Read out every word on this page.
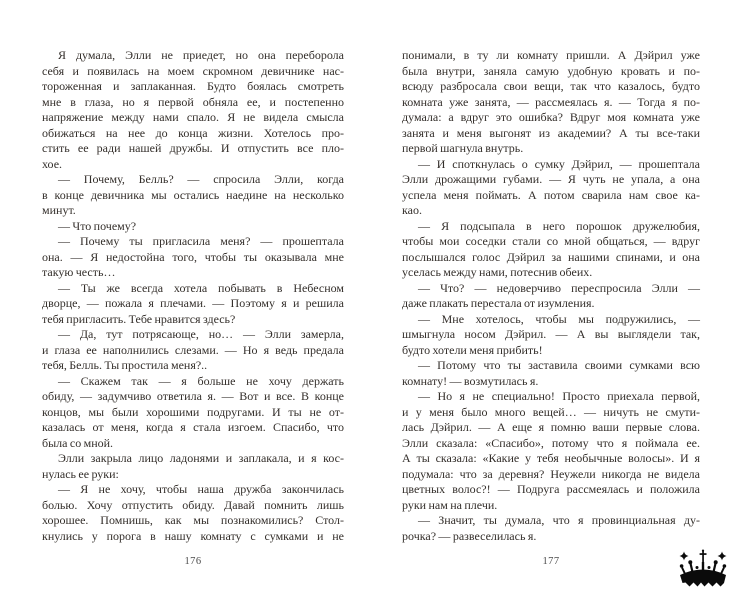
Я думала, Элли не приедет, но она переборола
себя и появилась на моем скромном девичнике нас-
тороженная и заплаканная. Будто боялась смотреть
мне в глаза, но я первой обняла ее, и постепенно
напряжение между нами спало. Я не видела смысла
обижаться на нее до конца жизни. Хотелось про-
стить ее ради нашей дружбы. И отпустить все пло-
хое.
— Почему, Белль? — спросила Элли, когда
в конце девичника мы остались наедине на несколько
минут.
— Что почему?
— Почему ты пригласила меня? — прошептала
она. — Я недостойна того, чтобы ты оказывала мне
такую честь…
— Ты же всегда хотела побывать в Небесном
дворце, — пожала я плечами. — Поэтому я и решила
тебя пригласить. Тебе нравится здесь?
— Да, тут потрясающе, но… — Элли замерла,
и глаза ее наполнились слезами. — Но я ведь предала
тебя, Белль. Ты простила меня?..
— Скажем так — я больше не хочу держать
обиду, — задумчиво ответила я. — Вот и все. В конце
концов, мы были хорошими подругами. И ты не от-
казалась от меня, когда я стала изгоем. Спасибо, что
была со мной.
Элли закрыла лицо ладонями и заплакала, и я кос-
нулась ее руки:
— Я не хочу, чтобы наша дружба закончилась
болью. Хочу отпустить обиду. Давай помнить лишь
хорошее. Помнишь, как мы познакомились? Стол-
кнулись у порога в нашу комнату с сумками и не
176
понимали, в ту ли комнату пришли. А Дэйрил уже
была внутри, заняла самую удобную кровать и по-
всюду разбросала свои вещи, так что казалось, будто
комната уже занята, — рассмеялась я. — Тогда я по-
думала: а вдруг это ошибка? Вдруг моя комната уже
занята и меня выгонят из академии? А ты все-таки
первой шагнула внутрь.
— И споткнулась о сумку Дэйрил, — прошептала
Элли дрожащими губами. — Я чуть не упала, а она
успела меня поймать. А потом сварила нам свое ка-
као.
— Я подсыпала в него порошок дружелюбия,
чтобы мои соседки стали со мной общаться, — вдруг
послышался голос Дэйрил за нашими спинами, и она
уселась между нами, потеснив обеих.
— Что? — недоверчиво переспросила Элли —
даже плакать перестала от изумления.
— Мне хотелось, чтобы мы подружились, —
шмыгнула носом Дэйрил. — А вы выглядели так,
будто хотели меня прибить!
— Потому что ты заставила своими сумками всю
комнату! — возмутилась я.
— Но я не специально! Просто приехала первой,
и у меня было много вещей… — ничуть не смути-
лась Дэйрил. — А еще я помню ваши первые слова.
Элли сказала: «Спасибо», потому что я поймала ее.
А ты сказала: «Какие у тебя необычные волосы». И я
подумала: что за деревня? Неужели никогда не видела
цветных волос?! — Подруга рассмеялась и положила
руки нам на плечи.
— Значит, ты думала, что я провинциальная ду-
рочка? — развеселилась я.
177
